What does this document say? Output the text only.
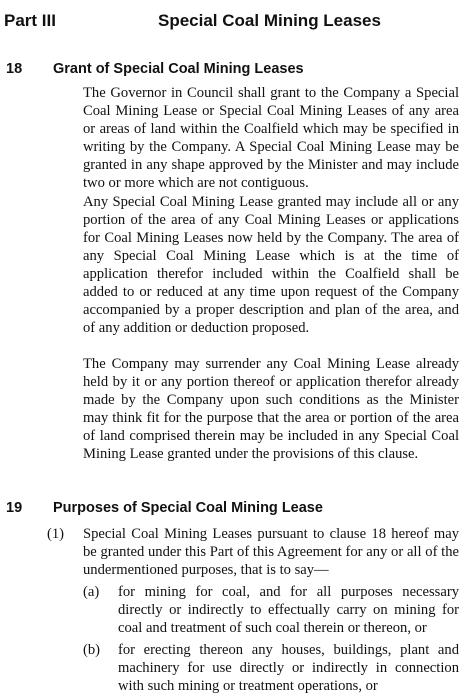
Part III	Special Coal Mining Leases
18 Grant of Special Coal Mining Leases

The Governor in Council shall grant to the Company a Special Coal Mining Lease or Special Coal Mining Leases of any area or areas of land within the Coalfield which may be specified in writing by the Company. A Special Coal Mining Lease may be granted in any shape approved by the Minister and may include two or more which are not contiguous.

Any Special Coal Mining Lease granted may include all or any portion of the area of any Coal Mining Leases or applications for Coal Mining Leases now held by the Company. The area of any Special Coal Mining Lease which is at the time of application therefor included within the Coalfield shall be added to or reduced at any time upon request of the Company accompanied by a proper description and plan of the area, and of any addition or deduction proposed.

The Company may surrender any Coal Mining Lease already held by it or any portion thereof or application therefor already made by the Company upon such conditions as the Minister may think fit for the purpose that the area or portion of the area of land comprised therein may be included in any Special Coal Mining Lease granted under the provisions of this clause.

19 Purposes of Special Coal Mining Lease
(1) Special Coal Mining Leases pursuant to clause 18 hereof may be granted under this Part of this Agreement for any or all of the undermentioned purposes, that is to say—

(a) for mining for coal, and for all purposes necessary directly or indirectly to effectually carry on mining for coal and treatment of such coal therein or thereon, or

(b) for erecting thereon any houses, buildings, plant and machinery for use directly or indirectly in connection with such mining or treatment operations, or
